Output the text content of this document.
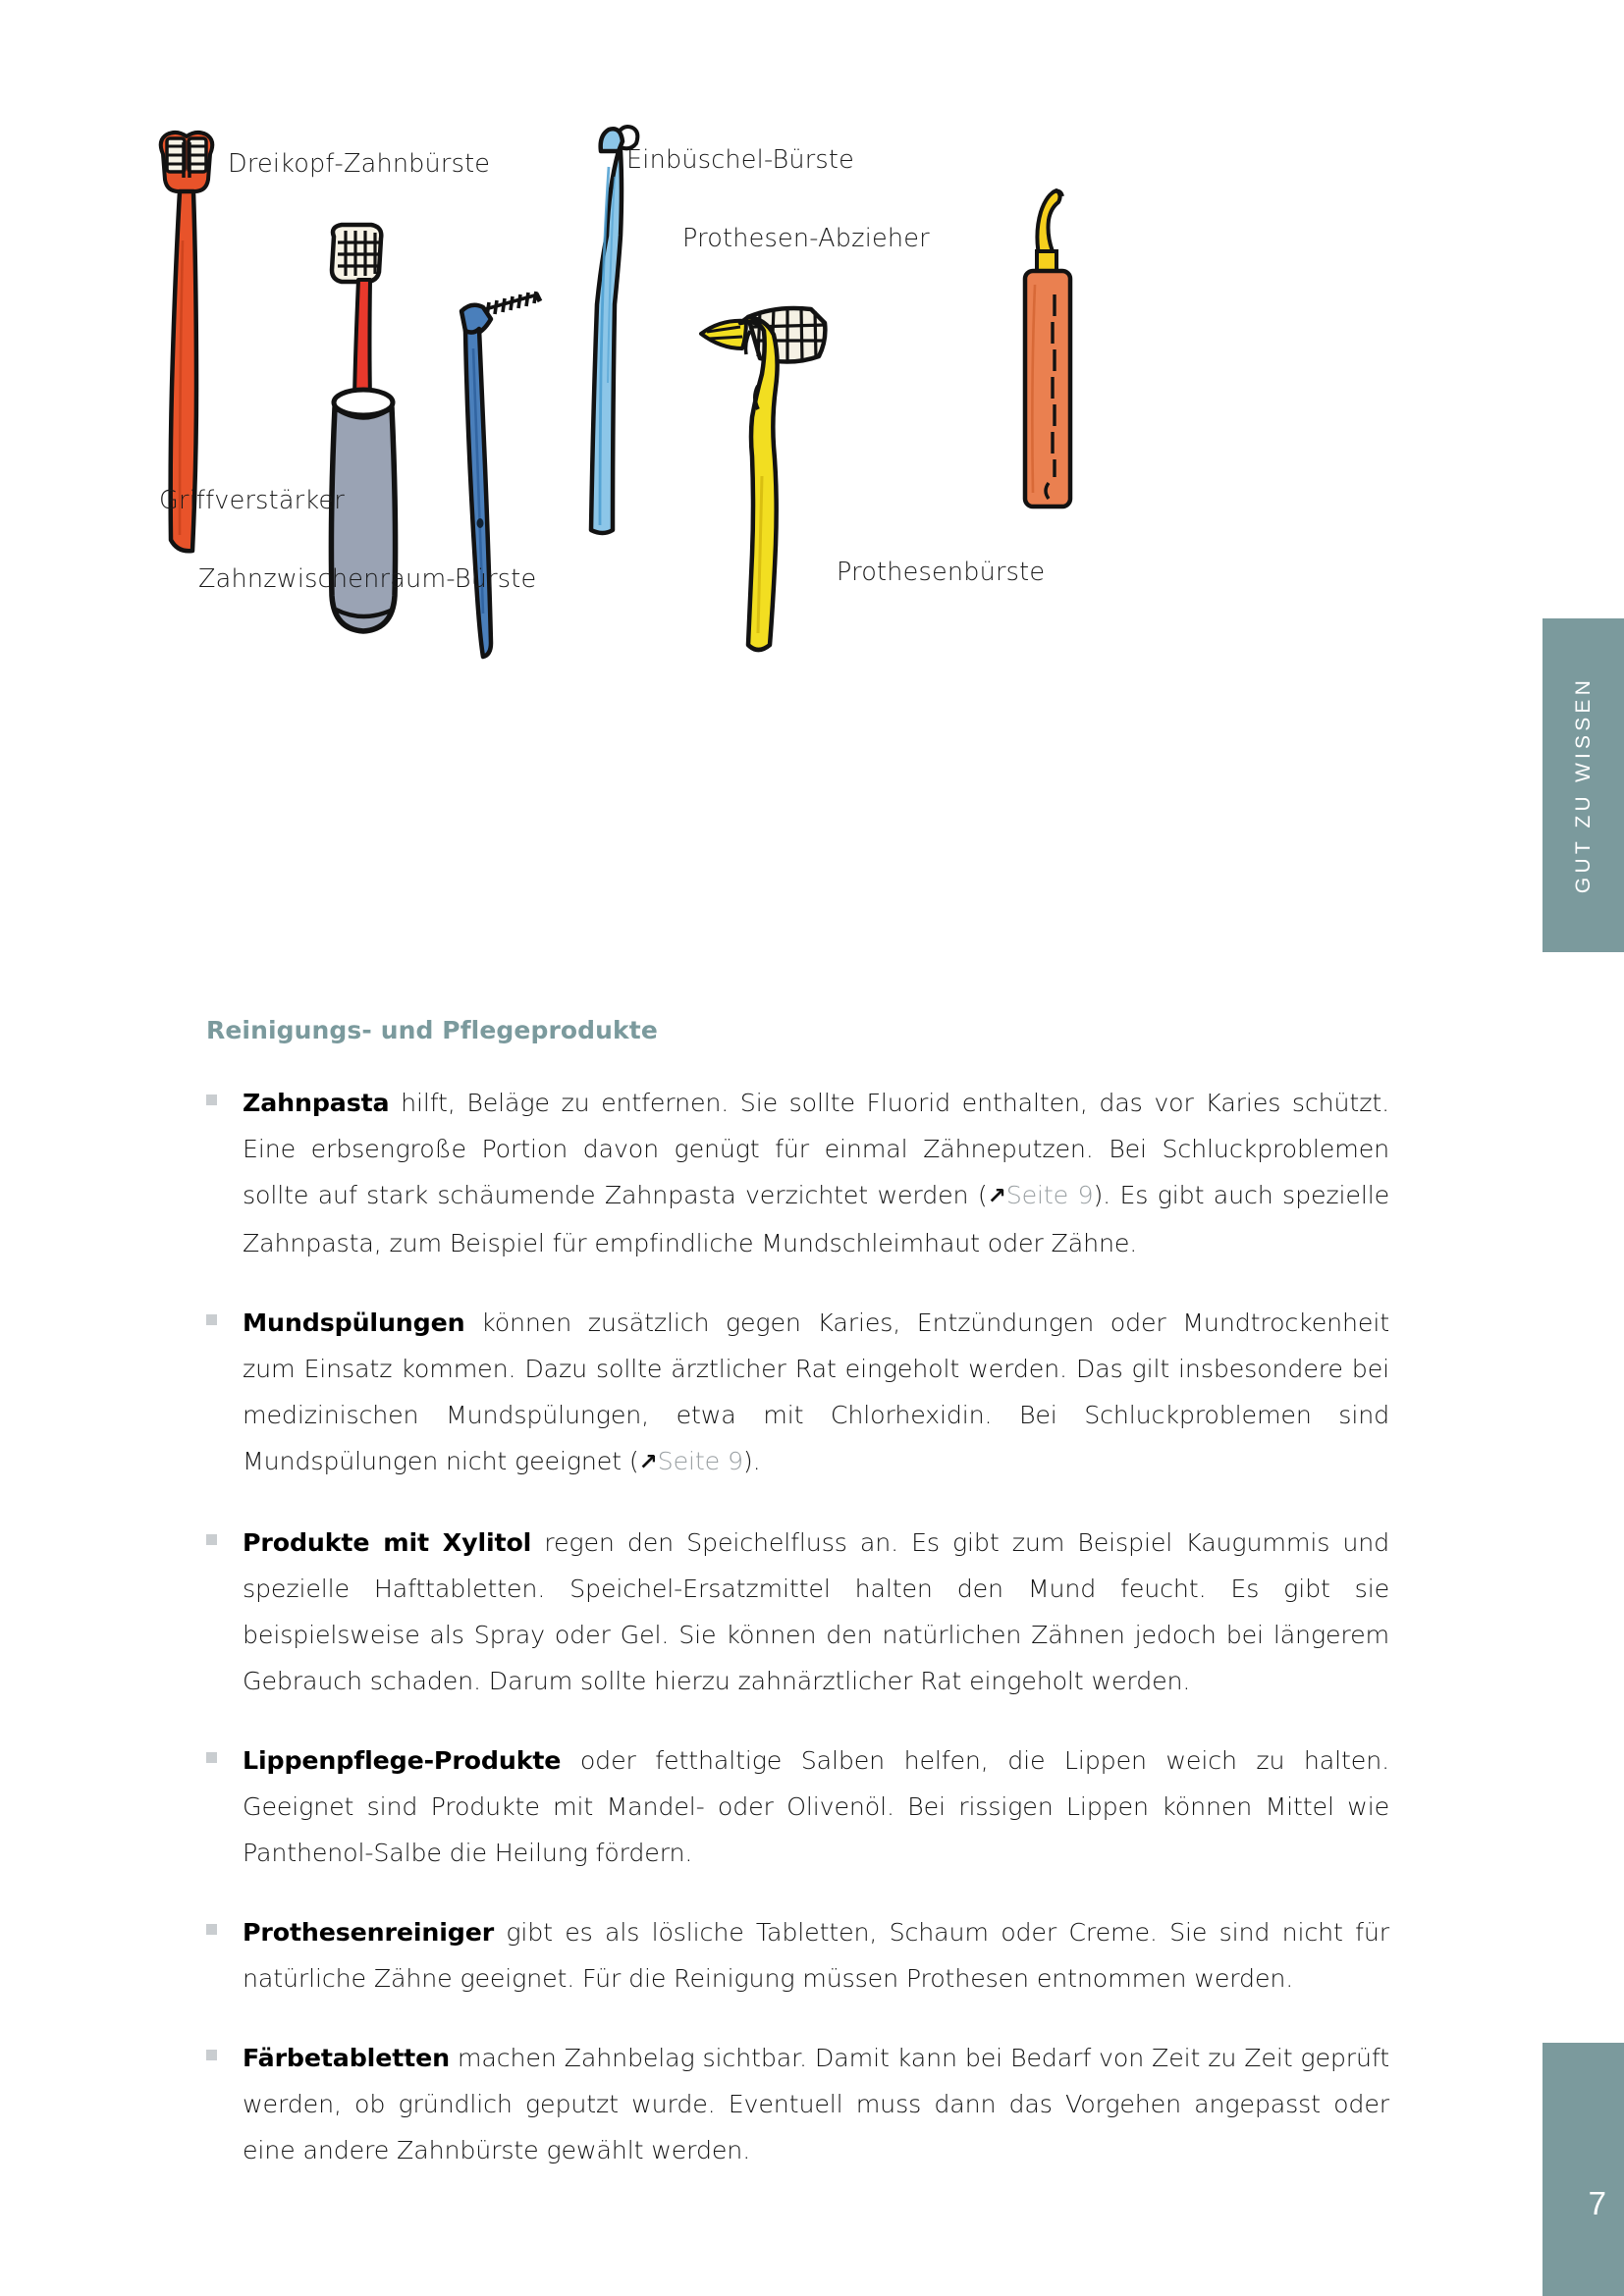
Dreikopf-Zahnbürste
Griffverstärker
Zahnzwischenraum-Bürste
Einbüschel-Bürste
Prothesenbürste
Prothesen-Abzieher
GUT ZU WISSEN
7
Reinigungs- und Pflegeprodukte

Zahnpasta hilft, Beläge zu entfernen. Sie sollte Fluorid enthalten, das vor Karies schützt. Eine erbsengroße Portion davon genügt für einmal Zähneputzen. Bei Schluckproblemen sollte auf stark schäumende Zahnpasta verzichtet werden (↗Seite 9). Es gibt auch spezielle Zahnpasta, zum Beispiel für empfindliche Mundschleimhaut oder Zähne.

Mundspülungen können zusätzlich gegen Karies, Entzündungen oder Mundtrockenheit zum Einsatz kommen. Dazu sollte ärztlicher Rat eingeholt werden. Das gilt insbesondere bei medizinischen Mundspülungen, etwa mit Chlorhexidin. Bei Schluckproblemen sind Mundspülungen nicht geeignet (↗Seite 9).

Produkte mit Xylitol regen den Speichelfluss an. Es gibt zum Beispiel Kaugummis und spezielle Hafttabletten. Speichel-Ersatzmittel halten den Mund feucht. Es gibt sie beispielsweise als Spray oder Gel. Sie können den natürlichen Zähnen jedoch bei längerem Gebrauch schaden. Darum sollte hierzu zahnärztlicher Rat eingeholt werden.

Lippenpflege-Produkte oder fetthaltige Salben helfen, die Lippen weich zu halten. Geeignet sind Produkte mit Mandel- oder Olivenöl. Bei rissigen Lippen können Mittel wie Panthenol-Salbe die Heilung fördern.

Prothesenreiniger gibt es als lösliche Tabletten, Schaum oder Creme. Sie sind nicht für natürliche Zähne geeignet. Für die Reinigung müssen Prothesen entnommen werden.

Färbetabletten machen Zahnbelag sichtbar. Damit kann bei Bedarf von Zeit zu Zeit geprüft werden, ob gründlich geputzt wurde. Eventuell muss dann das Vorgehen angepasst oder eine andere Zahnbürste gewählt werden.
